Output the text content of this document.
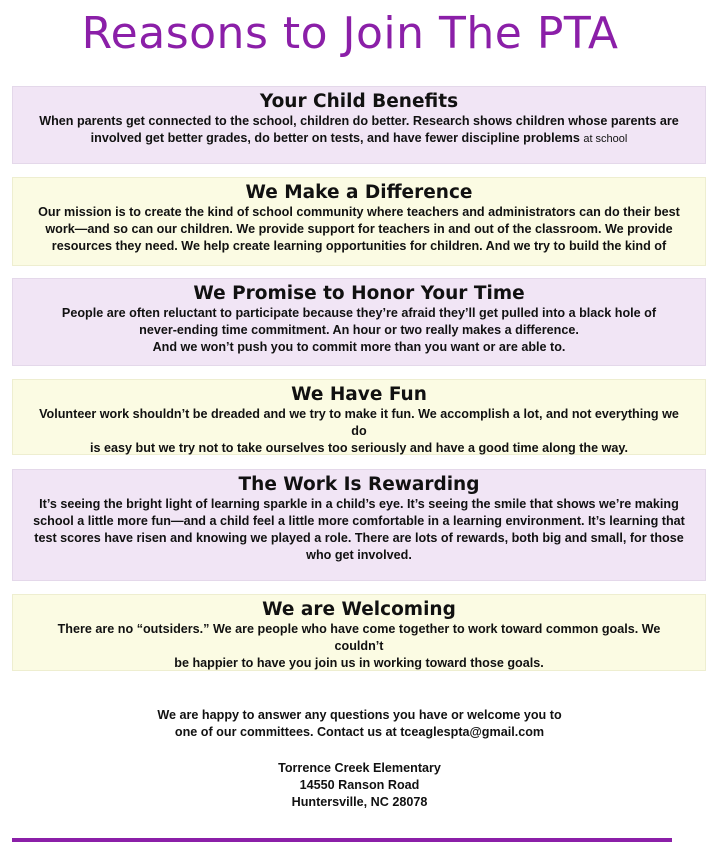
Reasons to Join The PTA
Your Child Benefits

When parents get connected to the school, children do better. Research shows children whose parents are
involved get better grades, do better on tests, and have fewer discipline problems at school

We Make a Difference

Our mission is to create the kind of school community where teachers and administrators can do their best
work—and so can our children. We provide support for teachers in and out of the classroom. We provide
resources they need. We help create learning opportunities for children. And we try to build the kind of

We Promise to Honor Your Time

People are often reluctant to participate because they’re afraid they’ll get pulled into a black hole of
never-ending time commitment. An hour or two really makes a difference.
And we won’t push you to commit more than you want or are able to.

We Have Fun

Volunteer work shouldn’t be dreaded and we try to make it fun. We accomplish a lot, and not everything we do
is easy but we try not to take ourselves too seriously and have a good time along the way.

The Work Is Rewarding

It’s seeing the bright light of learning sparkle in a child’s eye. It’s seeing the smile that shows we’re making
school a little more fun—and a child feel a little more comfortable in a learning environment. It’s learning that
test scores have risen and knowing we played a role. There are lots of rewards, both big and small, for those
who get involved.

We are Welcoming

There are no “outsiders.” We are people who have come together to work toward common goals. We couldn’t
be happier to have you join us in working toward those goals.

We are happy to answer any questions you have or welcome you to
one of our committees. Contact us at tceaglespta@gmail.com
Torrence Creek Elementary
14550 Ranson Road
Huntersville, NC 28078
